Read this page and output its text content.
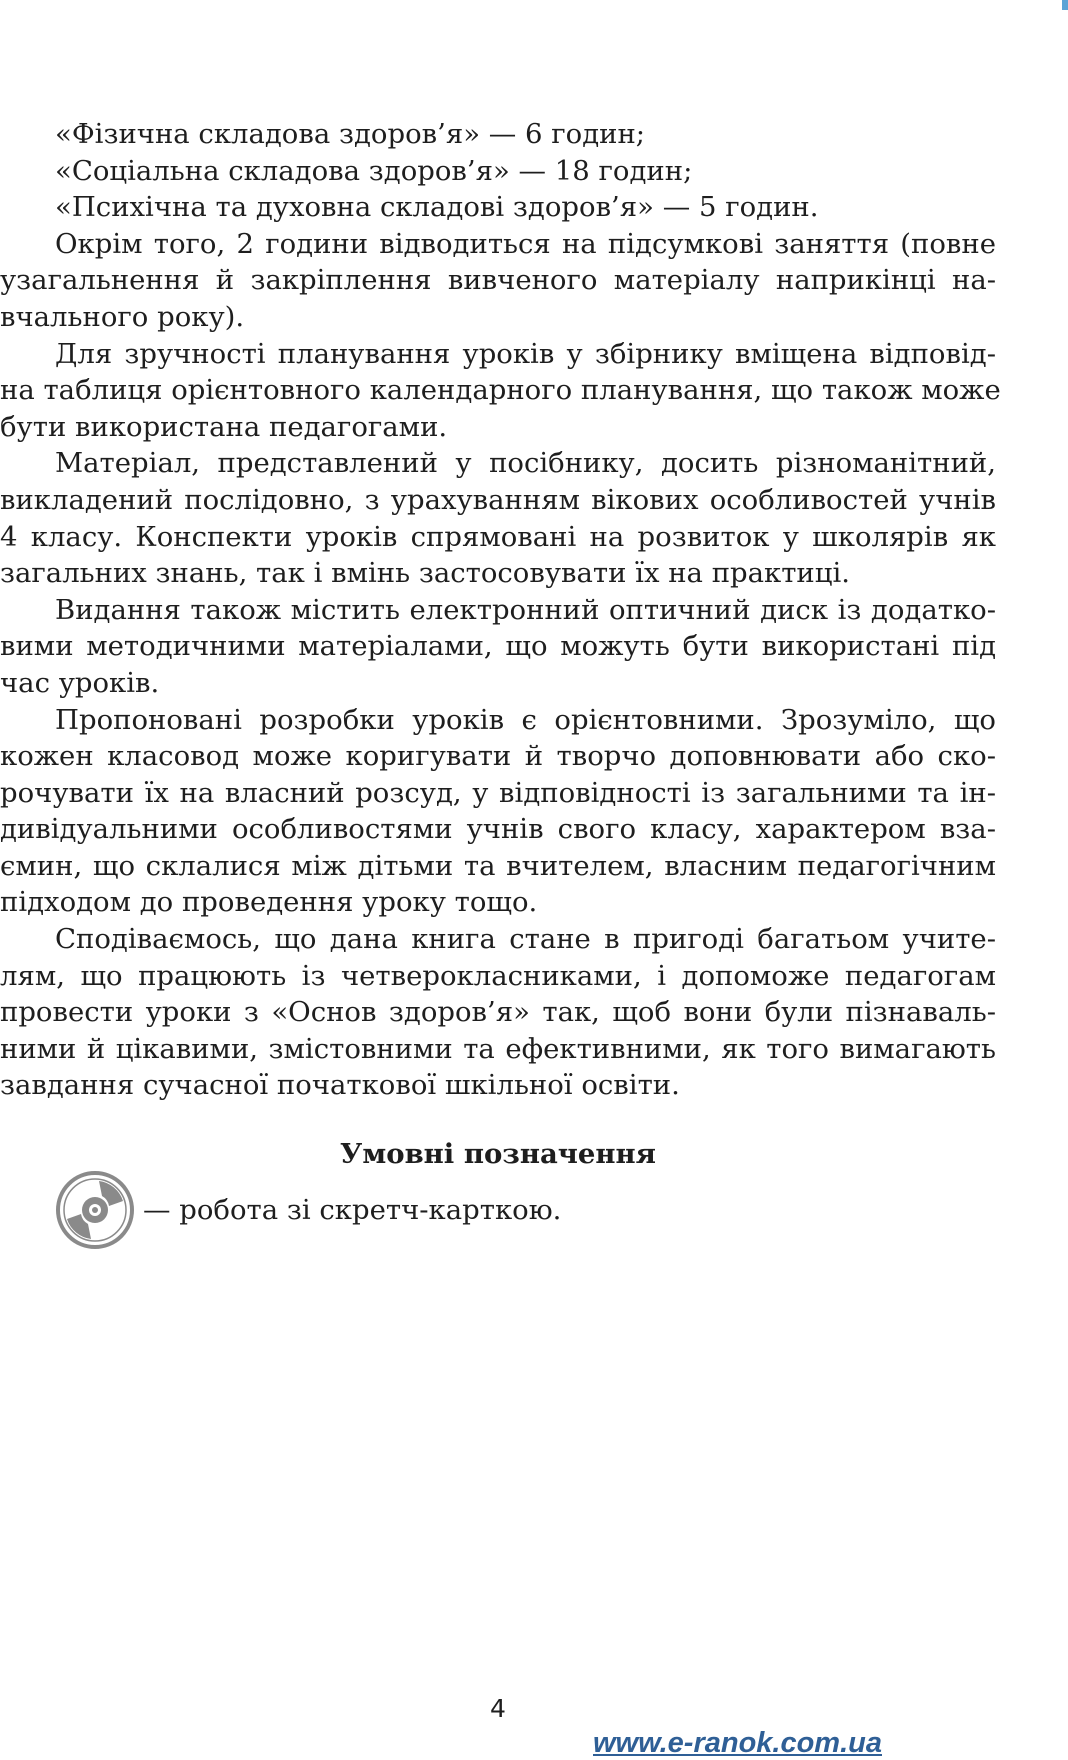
«Фізична складова здоров’я» — 6 годин;
«Соціальна складова здоров’я» — 18 годин;
«Психічна та духовна складові здоров’я» — 5 годин.
Окрім того, 2 години відводиться на підсумкові заняття (повне
узагальнення й закріплення вивченого матеріалу наприкінці на-
вчального року).
Для зручності планування уроків у збірнику вміщена відповід-
на таблиця орієнтовного календарного планування, що також може
бути використана педагогами.
Матеріал, представлений у посібнику, досить різноманітний,
викладений послідовно, з урахуванням вікових особливостей учнів
4 класу. Конспекти уроків спрямовані на розвиток у школярів як
загальних знань, так і вмінь застосовувати їх на практиці.
Видання також містить електронний оптичний диск із додатко-
вими методичними матеріалами, що можуть бути використані під
час уроків.
Пропоновані розробки уроків є орієнтовними. Зрозуміло, що
кожен класовод може коригувати й творчо доповнювати або ско-
рочувати їх на власний розсуд, у відповідності із загальними та ін-
дивідуальними особливостями учнів свого класу, характером вза-
ємин, що склалися між дітьми та вчителем, власним педагогічним
підходом до проведення уроку тощо.
Сподіваємось, що дана книга стане в пригоді багатьом учите-
лям, що працюють із четверокласниками, і допоможе педагогам
провести уроки з «Основ здоров’я» так, щоб вони були пізнаваль-
ними й цікавими, змістовними та ефективними, як того вимагають
завдання сучасної початкової шкільної освіти.
Умовні позначення
— робота зі скретч-карткою.
4
www.e-ranok.com.ua
